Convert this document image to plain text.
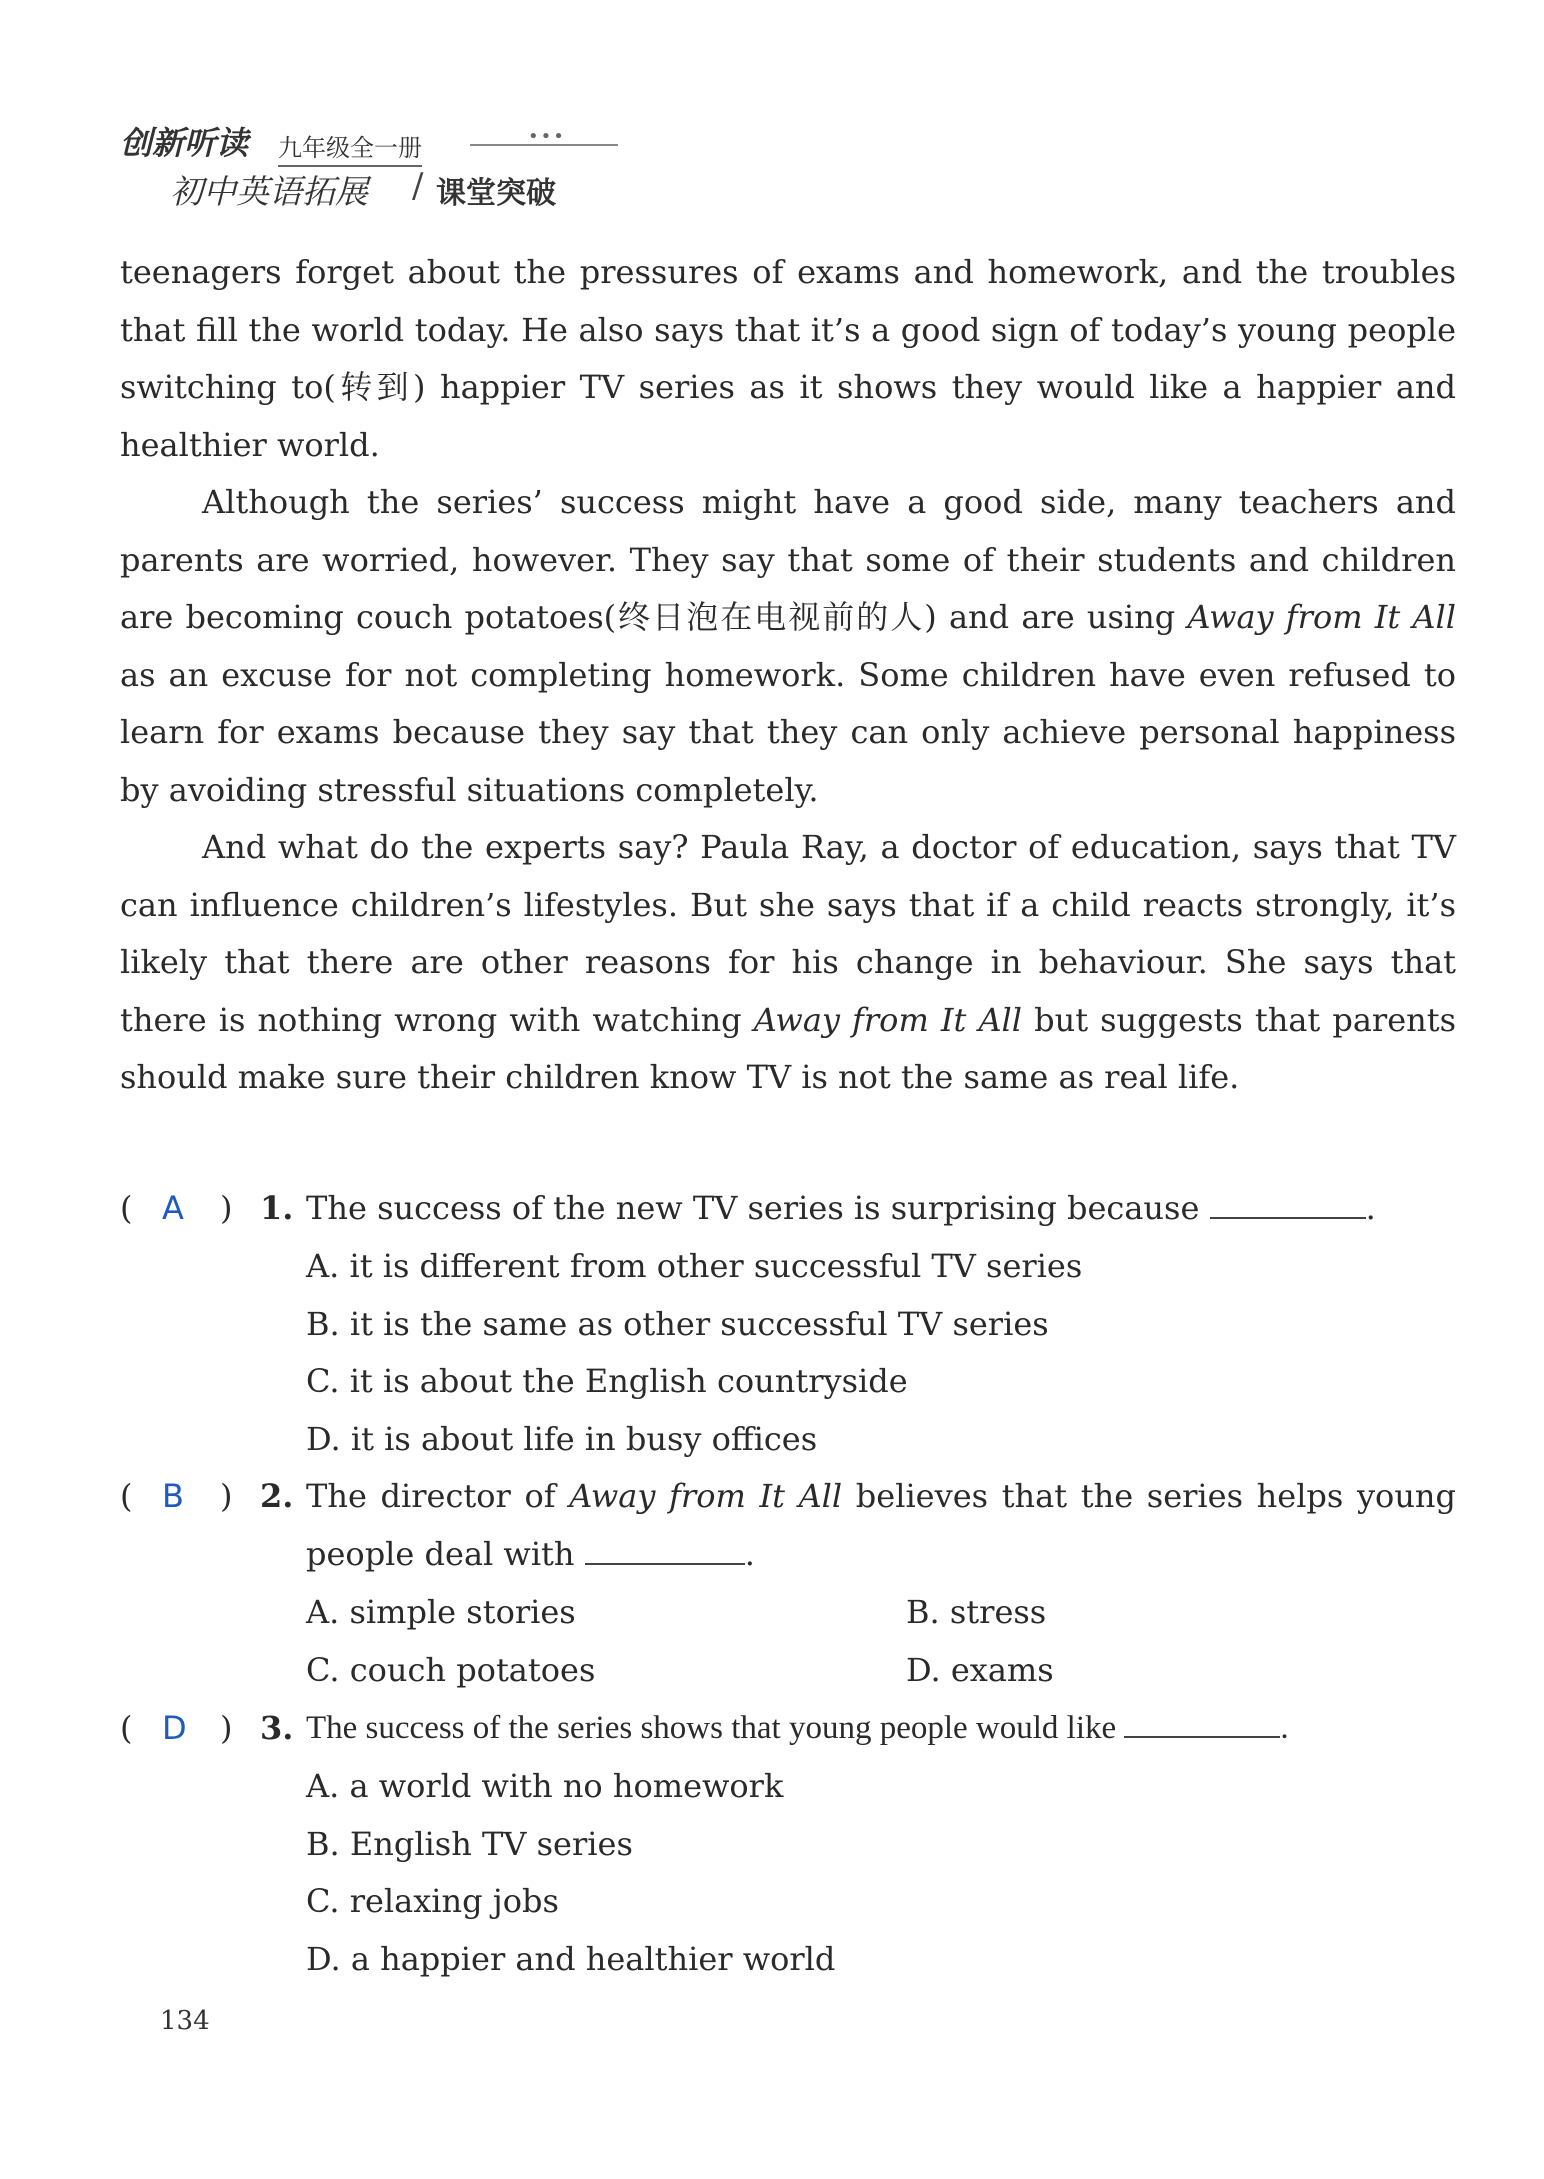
创新听读 九年级全一册	•••
初中英语拓展 / 课堂突破

teenagers forget about the pressures of exams and homework, and the troubles that fill the world today. He also says that it’s a good sign of today’s young people switching to(转到) happier TV series as it shows they would like a happier and healthier world.

Although the series’ success might have a good side, many teachers and parents are worried, however. They say that some of their students and children are becoming couch potatoes(终日泡在电视前的人) and are using Away from It All as an excuse for not completing homework. Some children have even refused to learn for exams because they say that they can only achieve personal happiness by avoiding stressful situations completely.

And what do the experts say? Paula Ray, a doctor of education, says that TV can influence children’s lifestyles. But she says that if a child reacts strongly, it’s likely that there are other reasons for his change in behaviour. She says that there is nothing wrong with watching Away from It All but suggests that parents should make sure their children know TV is not the same as real life.

( A ) 1. The success of the new TV series is surprising because	.
A. it is different from other successful TV series
B. it is the same as other successful TV series
C. it is about the English countryside
D. it is about life in busy offices
( B ) 2. The director of Away from It All believes that the series helps young people deal with	.
A. simple stories	B. stress
C. couch potatoes	D. exams
( D ) 3. The success of the series shows that young people would like	.
A. a world with no homework
B. English TV series
C. relaxing jobs
D. a happier and healthier world
134
